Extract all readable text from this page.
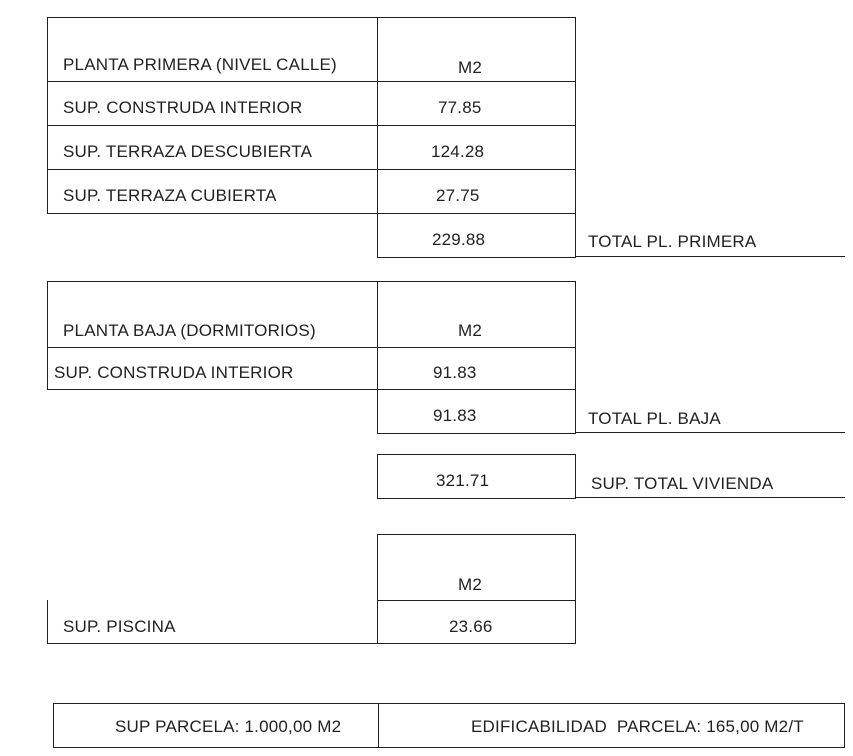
PLANTA PRIMERA (NIVEL CALLE)	M2
SUP. CONSTRUDA INTERIOR	77.85
SUP. TERRAZA DESCUBIERTA	124.28
SUP. TERRAZA CUBIERTA	27.75
229.88	TOTAL PL. PRIMERA
PLANTA BAJA (DORMITORIOS)	M2
SUP. CONSTRUDA INTERIOR	91.83
91.83	TOTAL PL. BAJA
321.71	SUP. TOTAL VIVIENDA
M2
SUP. PISCINA	23.66
SUP PARCELA: 1.000,00 M2	EDIFICABILIDAD  PARCELA: 165,00 M2/T
